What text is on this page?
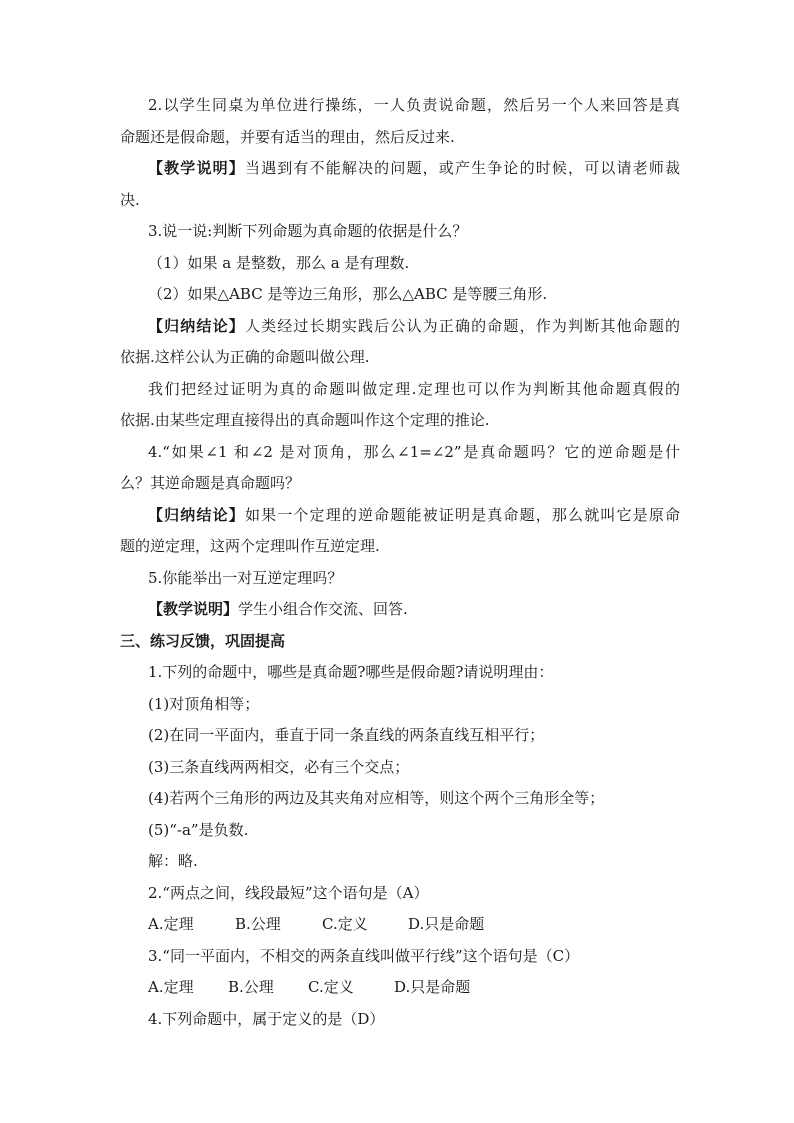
2.以学生同桌为单位进行操练，一人负责说命题，然后另一个人来回答是真

命题还是假命题，并要有适当的理由，然后反过来.

【教学说明】当遇到有不能解决的问题，或产生争论的时候，可以请老师裁

决.

3.说一说:判断下列命题为真命题的依据是什么？

（1）如果 a 是整数，那么 a 是有理数.

（2）如果△ABC 是等边三角形，那么△ABC 是等腰三角形.

【归纳结论】人类经过长期实践后公认为正确的命题，作为判断其他命题的

依据.这样公认为正确的命题叫做公理.

我们把经过证明为真的命题叫做定理.定理也可以作为判断其他命题真假的

依据.由某些定理直接得出的真命题叫作这个定理的推论.

4.“如果∠1 和∠2 是对顶角，那么∠1=∠2”是真命题吗？它的逆命题是什

么？其逆命题是真命题吗？

【归纳结论】如果一个定理的逆命题能被证明是真命题，那么就叫它是原命

题的逆定理，这两个定理叫作互逆定理.

5.你能举出一对互逆定理吗？

【教学说明】学生小组合作交流、回答.

三、练习反馈，巩固提高

1.下列的命题中，哪些是真命题?哪些是假命题?请说明理由：

(1)对顶角相等；

(2)在同一平面内，垂直于同一条直线的两条直线互相平行；

(3)三条直线两两相交，必有三个交点；

(4)若两个三角形的两边及其夹角对应相等，则这个两个三角形全等；

(5)“-a”是负数.

解：略.

2.“两点之间，线段最短”这个语句是（A）

A.定理	B.公理	C.定义	D.只是命题

3.“同一平面内，不相交的两条直线叫做平行线”这个语句是（C）

A.定理	B.公理	C.定义	D.只是命题

4.下列命题中，属于定义的是（D）
